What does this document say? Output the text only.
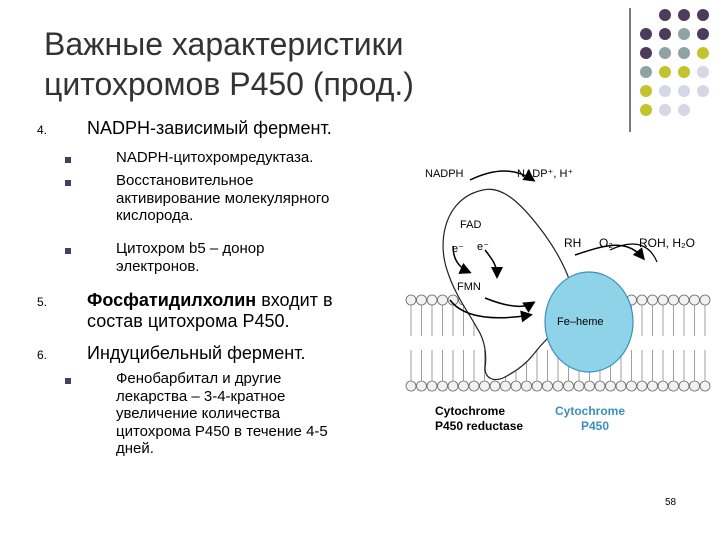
Важные характеристики
цитохромов Р450 (прод.)
4. NADPH-зависимый фермент.
NADPH-цитохромредуктаза.
Восстановительное
активирование молекулярного
кислорода.
Цитохром b5 – донор
электронов.
5. Фосфатидилхолин входит в
состав цитохрома Р450.
6. Индуцибельный фермент.
Фенобарбитал и другие
лекарства – 3-4-кратное
увеличение количества
цитохрома Р450 в течение 4-5
дней.
NADPH	NADP⁺, H⁺
FAD
e⁻ e⁻
FMN
RH O₂ ROH, H₂O
Fe–heme
Cytochrome
P450 reductase
Cytochrome
P450
58
